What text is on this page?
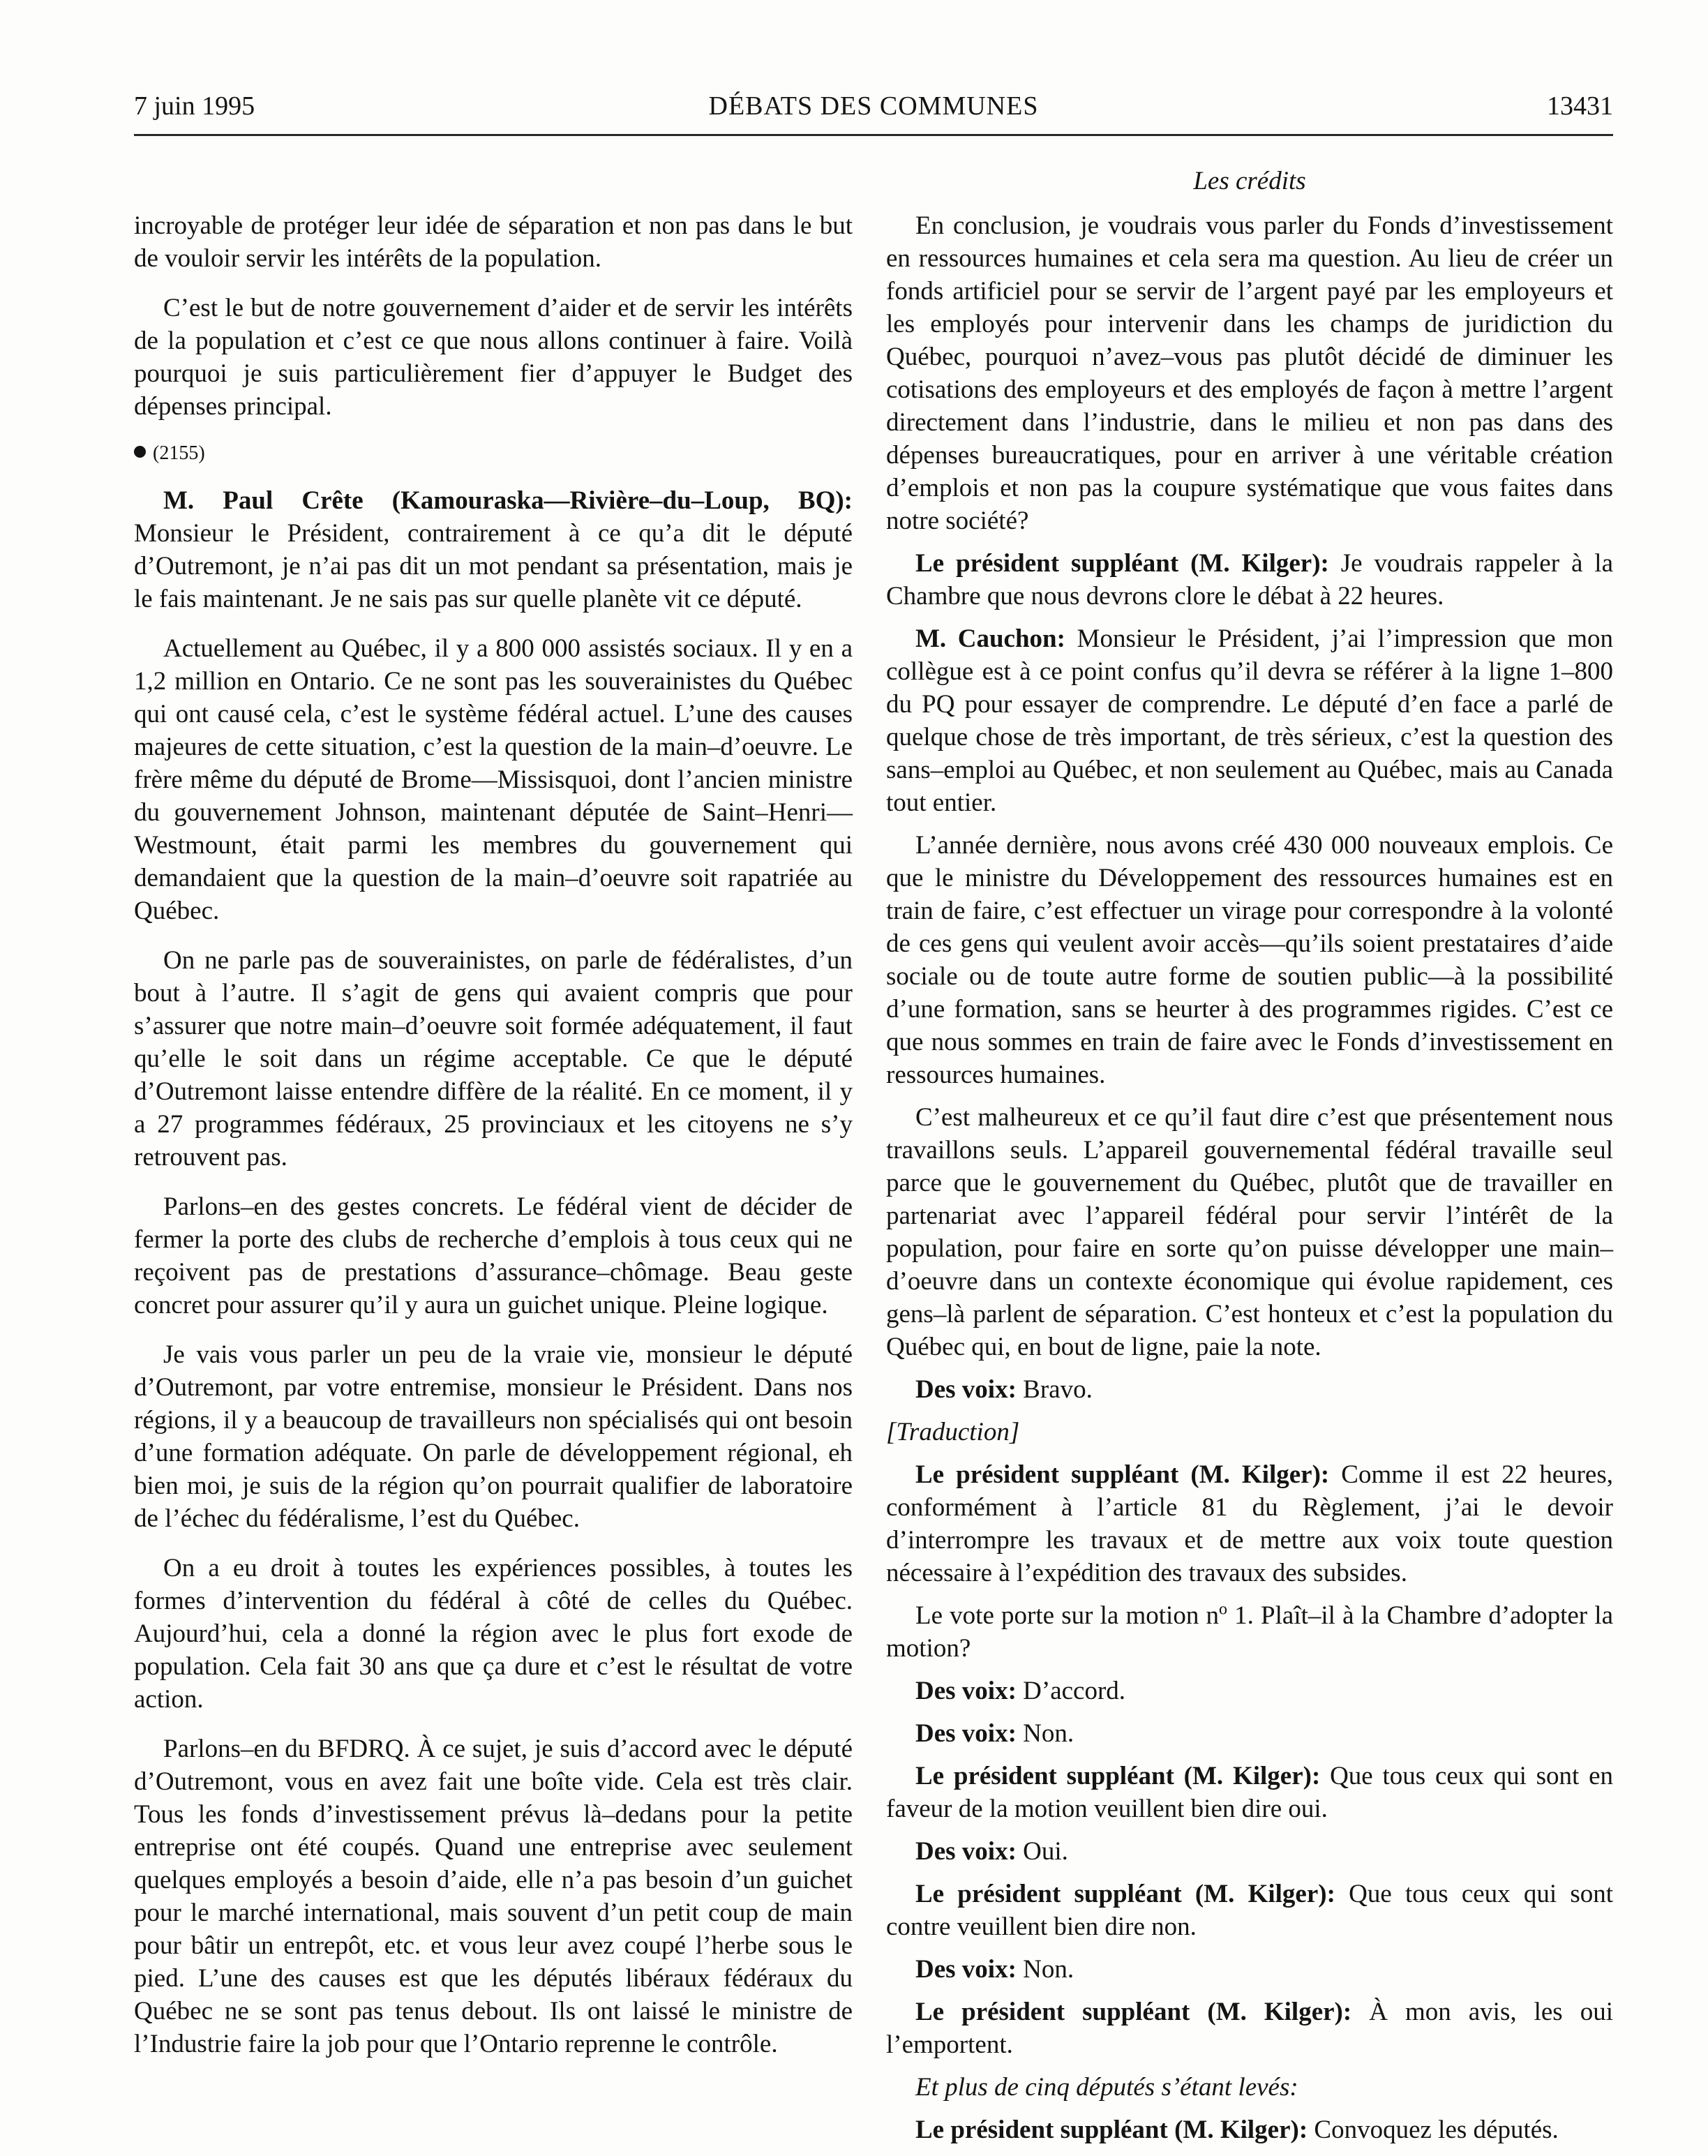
7 juin 1995	DÉBATS DES COMMUNES	13431
Les crédits

incroyable de protéger leur idée de séparation et non pas dans le but de vouloir servir les intérêts de la population.

C’est le but de notre gouvernement d’aider et de servir les intérêts de la population et c’est ce que nous allons continuer à faire. Voilà pourquoi je suis particulièrement fier d’appuyer le Budget des dépenses principal.

(2155)

M. Paul Crête (Kamouraska—Rivière–du–Loup, BQ): Monsieur le Président, contrairement à ce qu’a dit le député d’Outremont, je n’ai pas dit un mot pendant sa présentation, mais je le fais maintenant. Je ne sais pas sur quelle planète vit ce député.

Actuellement au Québec, il y a 800 000 assistés sociaux. Il y en a 1,2 million en Ontario. Ce ne sont pas les souverainistes du Québec qui ont causé cela, c’est le système fédéral actuel. L’une des causes majeures de cette situation, c’est la question de la main–d’oeuvre. Le frère même du député de Brome—Missisquoi, dont l’ancien ministre du gouvernement Johnson, maintenant députée de Saint–Henri—Westmount, était parmi les membres du gouvernement qui demandaient que la question de la main–d’oeuvre soit rapatriée au Québec.

On ne parle pas de souverainistes, on parle de fédéralistes, d’un bout à l’autre. Il s’agit de gens qui avaient compris que pour s’assurer que notre main–d’oeuvre soit formée adéquatement, il faut qu’elle le soit dans un régime acceptable. Ce que le député d’Outremont laisse entendre diffère de la réalité. En ce moment, il y a 27 programmes fédéraux, 25 provinciaux et les citoyens ne s’y retrouvent pas.

Parlons–en des gestes concrets. Le fédéral vient de décider de fermer la porte des clubs de recherche d’emplois à tous ceux qui ne reçoivent pas de prestations d’assurance–chômage. Beau geste concret pour assurer qu’il y aura un guichet unique. Pleine logique.

Je vais vous parler un peu de la vraie vie, monsieur le député d’Outremont, par votre entremise, monsieur le Président. Dans nos régions, il y a beaucoup de travailleurs non spécialisés qui ont besoin d’une formation adéquate. On parle de développement régional, eh bien moi, je suis de la région qu’on pourrait qualifier de laboratoire de l’échec du fédéralisme, l’est du Québec.

On a eu droit à toutes les expériences possibles, à toutes les formes d’intervention du fédéral à côté de celles du Québec. Aujourd’hui, cela a donné la région avec le plus fort exode de population. Cela fait 30 ans que ça dure et c’est le résultat de votre action.

Parlons–en du BFDRQ. À ce sujet, je suis d’accord avec le député d’Outremont, vous en avez fait une boîte vide. Cela est très clair. Tous les fonds d’investissement prévus là–dedans pour la petite entreprise ont été coupés. Quand une entreprise avec seulement quelques employés a besoin d’aide, elle n’a pas besoin d’un guichet pour le marché international, mais souvent d’un petit coup de main pour bâtir un entrepôt, etc. et vous leur avez coupé l’herbe sous le pied. L’une des causes est que les députés libéraux fédéraux du Québec ne se sont pas tenus debout. Ils ont laissé le ministre de l’Industrie faire la job pour que l’Ontario reprenne le contrôle.

En conclusion, je voudrais vous parler du Fonds d’investissement en ressources humaines et cela sera ma question. Au lieu de créer un fonds artificiel pour se servir de l’argent payé par les employeurs et les employés pour intervenir dans les champs de juridiction du Québec, pourquoi n’avez–vous pas plutôt décidé de diminuer les cotisations des employeurs et des employés de façon à mettre l’argent directement dans l’industrie, dans le milieu et non pas dans des dépenses bureaucratiques, pour en arriver à une véritable création d’emplois et non pas la coupure systématique que vous faites dans notre société?

Le président suppléant (M. Kilger): Je voudrais rappeler à la Chambre que nous devrons clore le débat à 22 heures.

M. Cauchon: Monsieur le Président, j’ai l’impression que mon collègue est à ce point confus qu’il devra se référer à la ligne 1–800 du PQ pour essayer de comprendre. Le député d’en face a parlé de quelque chose de très important, de très sérieux, c’est la question des sans–emploi au Québec, et non seulement au Québec, mais au Canada tout entier.

L’année dernière, nous avons créé 430 000 nouveaux emplois. Ce que le ministre du Développement des ressources humaines est en train de faire, c’est effectuer un virage pour correspondre à la volonté de ces gens qui veulent avoir accès—qu’ils soient prestataires d’aide sociale ou de toute autre forme de soutien public—à la possibilité d’une formation, sans se heurter à des programmes rigides. C’est ce que nous sommes en train de faire avec le Fonds d’investissement en ressources humaines.

C’est malheureux et ce qu’il faut dire c’est que présentement nous travaillons seuls. L’appareil gouvernemental fédéral travaille seul parce que le gouvernement du Québec, plutôt que de travailler en partenariat avec l’appareil fédéral pour servir l’intérêt de la population, pour faire en sorte qu’on puisse développer une main–d’oeuvre dans un contexte économique qui évolue rapidement, ces gens–là parlent de séparation. C’est honteux et c’est la population du Québec qui, en bout de ligne, paie la note.

Des voix: Bravo.

[Traduction]

Le président suppléant (M. Kilger): Comme il est 22 heures, conformément à l’article 81 du Règlement, j’ai le devoir d’interrompre les travaux et de mettre aux voix toute question nécessaire à l’expédition des travaux des subsides.

Le vote porte sur la motion $n^o$ 1. Plaît–il à la Chambre d’adopter la motion?

Des voix: D’accord.

Des voix: Non.

Le président suppléant (M. Kilger): Que tous ceux qui sont en faveur de la motion veuillent bien dire oui.

Des voix: Oui.

Le président suppléant (M. Kilger): Que tous ceux qui sont contre veuillent bien dire non.

Des voix: Non.

Le président suppléant (M. Kilger): À mon avis, les oui l’emportent.

Et plus de cinq députés s’étant levés:

Le président suppléant (M. Kilger): Convoquez les députés.
